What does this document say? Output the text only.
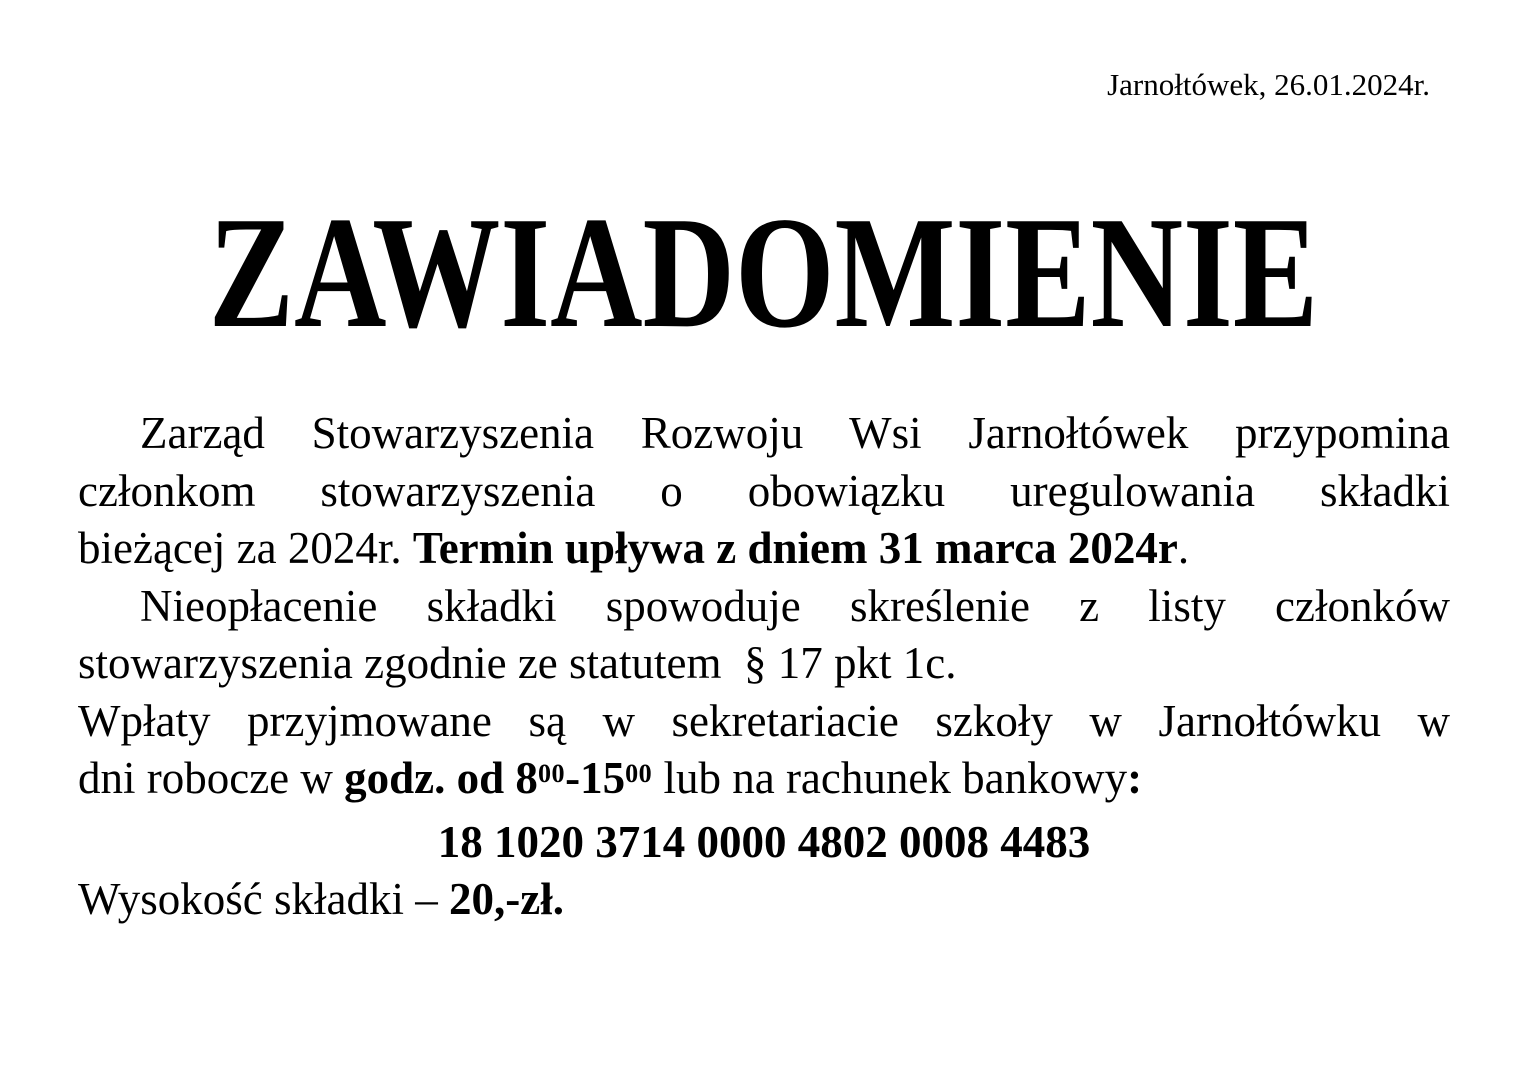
Jarnołtówek, 26.01.2024r.
ZAWIADOMIENIE
Zarząd Stowarzyszenia Rozwoju Wsi Jarnołtówek przypomina
członkom stowarzyszenia o obowiązku uregulowania składki
bieżącej za 2024r. Termin upływa z dniem 31 marca 2024r.
Nieopłacenie składki spowoduje skreślenie z listy członków
stowarzyszenia zgodnie ze statutem  § 17 pkt 1c.
Wpłaty przyjmowane są w sekretariacie szkoły w Jarnołtówku w
dni robocze w godz. od $8^{00}-15^{00}$ lub na rachunek bankowy:
18 1020 3714 0000 4802 0008 4483
Wysokość składki – 20,-zł.
